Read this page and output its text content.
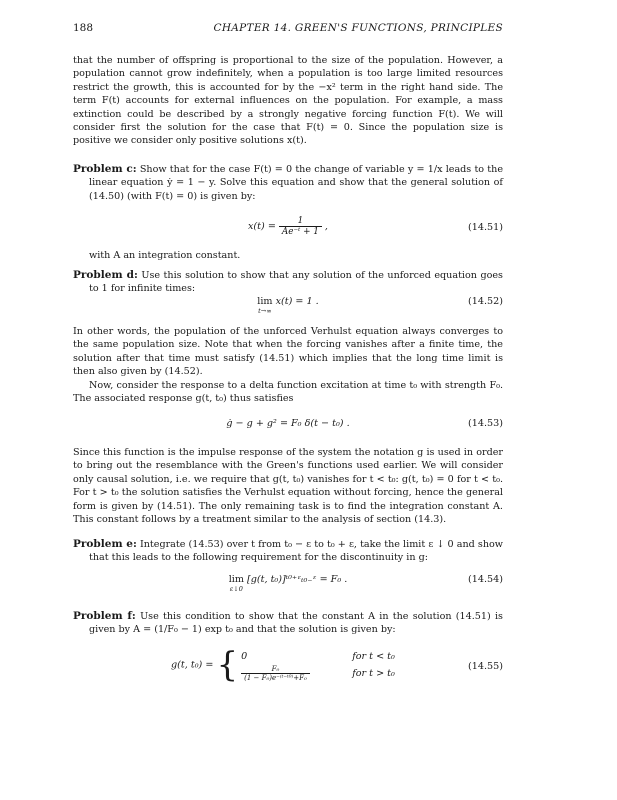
188	CHAPTER 14. GREEN'S FUNCTIONS, PRINCIPLES

that the number of offspring is proportional to the size of the population. However, a population cannot grow indefinitely, when a population is too large limited resources restrict the growth, this is accounted for by the −x² term in the right hand side. The term F(t) accounts for external influences on the population. For example, a mass extinction could be described by a strongly negative forcing function F(t). We will consider first the solution for the case that F(t) = 0. Since the population size is positive we consider only positive solutions x(t).

Problem c: Show that for the case F(t) = 0 the change of variable y = 1/x leads to the linear equation ẏ = 1 − y. Solve this equation and show that the general solution of (14.50) (with F(t) = 0) is given by:

$x(t) = \frac{1}{\text{Ae⁻ᵗ + 1}}$ ,	(14.51)

with A an integration constant.

Problem d: Use this solution to show that any solution of the unforced equation goes to 1 for infinite times:

lim
t→∞
x(t) = 1 .	(14.52)

In other words, the population of the unforced Verhulst equation always converges to the same population size. Note that when the forcing vanishes after a finite time, the solution after that time must satisfy (14.51) which implies that the long time limit is then also given by (14.52).

Now, consider the response to a delta function excitation at time t₀ with strength F₀. The associated response g(t, t₀) thus satisfies

ġ − g + g² = F₀ δ(t − t₀) .	(14.53)

Since this function is the impulse response of the system the notation g is used in order to bring out the resemblance with the Green's functions used earlier. We will consider only causal solution, i.e. we require that g(t, t₀) vanishes for t < t₀: g(t, t₀) = 0 for t < t₀. For t > t₀ the solution satisfies the Verhulst equation without forcing, hence the general form is given by (14.51). The only remaining task is to find the integration constant A. This constant follows by a treatment similar to the analysis of section (14.3).

Problem e: Integrate (14.53) over t from t₀ − ε to t₀ + ε, take the limit ε ↓ 0 and show that this leads to the following requirement for the discontinuity in g:

lim
ε↓0
[g(t, t₀)]ᵗ⁰⁺ᵋₜ₀₋ᵋ = F₀ .	(14.54)

Problem f: Use this condition to show that the constant A in the solution (14.51) is given by A = (1/F₀ − 1) exp t₀ and that the solution is given by:

g(t, t₀) = { 0	for t < t₀
$\frac{\text{F₀}}{\text{(1 − F₀)e⁻⁽ᵗ⁻ᵗ⁰⁾+F₀}}$	for t > t₀
(14.55)
